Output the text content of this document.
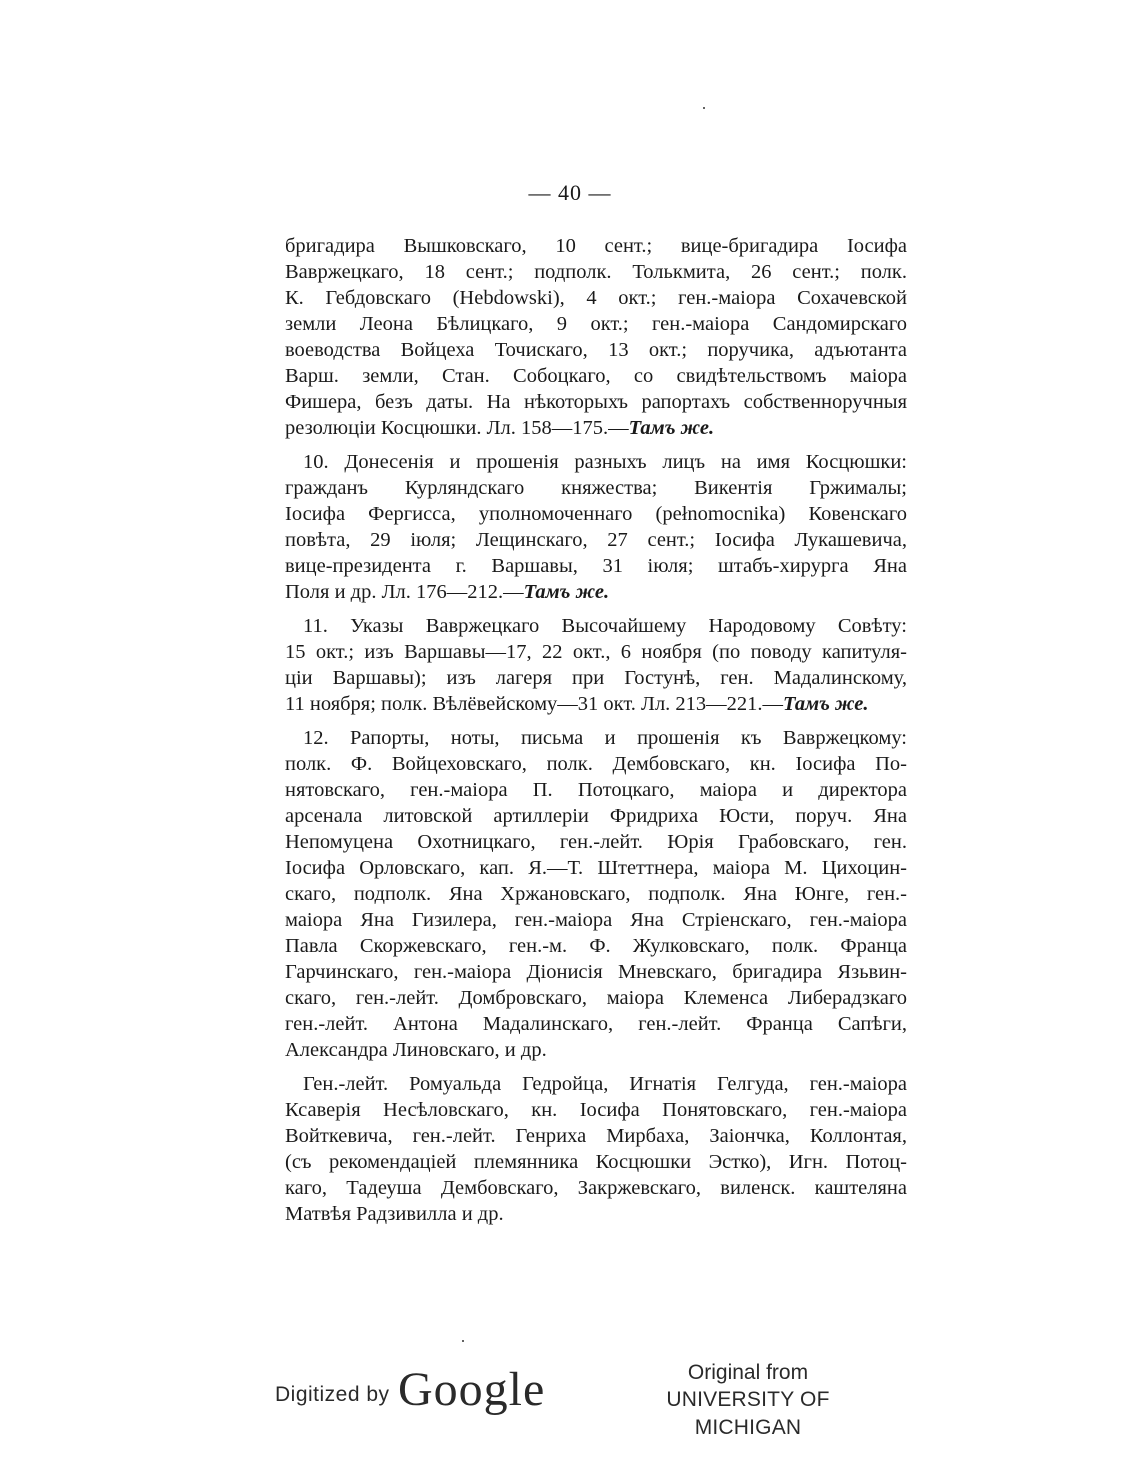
— 40 —

бригадира Вышковскаго, 10 сент.; вице-бригадира Іосифа
Вавржецкаго, 18 сент.; подполк. Толькмита, 26 сент.; полк.
К. Гебдовскаго (Hebdowski), 4 окт.; ген.-маіора Сохачевской
земли Леона Бѣлицкаго, 9 окт.; ген.-маіора Сандомирскаго
воеводства Войцеха Точискаго, 13 окт.; поручика, адъютанта
Варш. земли, Стан. Собоцкаго, со свидѣтельствомъ маіора
Фишера, безъ даты. На нѣкоторыхъ рапортахъ собственноручныя
резолюціи Косцюшки. Лл. 158—175.—Тамъ же.

10. Донесенія и прошенія разныхъ лицъ на имя Косцюшки:
гражданъ Курляндскаго княжества; Викентія Гржималы;
Іосифа Фергисса, уполномоченнаго (pełnomocnika) Ковенскаго
повѣта, 29 іюля; Лещинскаго, 27 сент.; Іосифа Лукашевича,
вице-президента г. Варшавы, 31 іюля; штабъ-хирурга Яна
Поля и др. Лл. 176—212.—Тамъ же.

11. Указы Вавржецкаго Высочайшему Народовому Совѣту:
15 окт.; изъ Варшавы—17, 22 окт., 6 ноября (по поводу капитуля-
ціи Варшавы); изъ лагеря при Гостунѣ, ген. Мадалинскому,
11 ноября; полк. Вѣлёвейскому—31 окт. Лл. 213—221.—Тамъ же.

12. Рапорты, ноты, письма и прошенія къ Вавржецкому:
полк. Ф. Войцеховскаго, полк. Дембовскаго, кн. Іосифа По-
нятовскаго, ген.-маіора П. Потоцкаго, маіора и директора
арсенала литовской артиллеріи Фридриха Юсти, поруч. Яна
Непомуцена Охотницкаго, ген.-лейт. Юрія Грабовскаго, ген.
Іосифа Орловскаго, кап. Я.—Т. Штеттнера, маіора М. Цихоцин-
скаго, подполк. Яна Хржановскаго, подполк. Яна Юнге, ген.-
маіора Яна Гизилера, ген.-маіора Яна Стріенскаго, ген.-маіора
Павла Скоржевскаго, ген.-м. Ф. Жулковскаго, полк. Франца
Гарчинскаго, ген.-маіора Діонисія Мневскаго, бригадира Язьвин-
скаго, ген.-лейт. Домбровскаго, маіора Клеменса Либерадзкаго
ген.-лейт. Антона Мадалинскаго, ген.-лейт. Франца Сапѣги,
Александра Линовскаго, и др.

Ген.-лейт. Ромуальда Гедройца, Игнатія Гелгуда, ген.-маіора
Ксаверія Несѣловскаго, кн. Іосифа Понятовскаго, ген.-маіора
Войткевича, ген.-лейт. Генриха Мирбаха, Заіончка, Коллонтая,
(съ рекомендаціей племянника Косцюшки Эстко), Игн. Потоц-
каго, Тадеуша Дембовскаго, Закржевскаго, виленск. каштеляна
Матвѣя Радзивилла и др.

Digitized by Google	Original from
UNIVERSITY OF MICHIGAN
